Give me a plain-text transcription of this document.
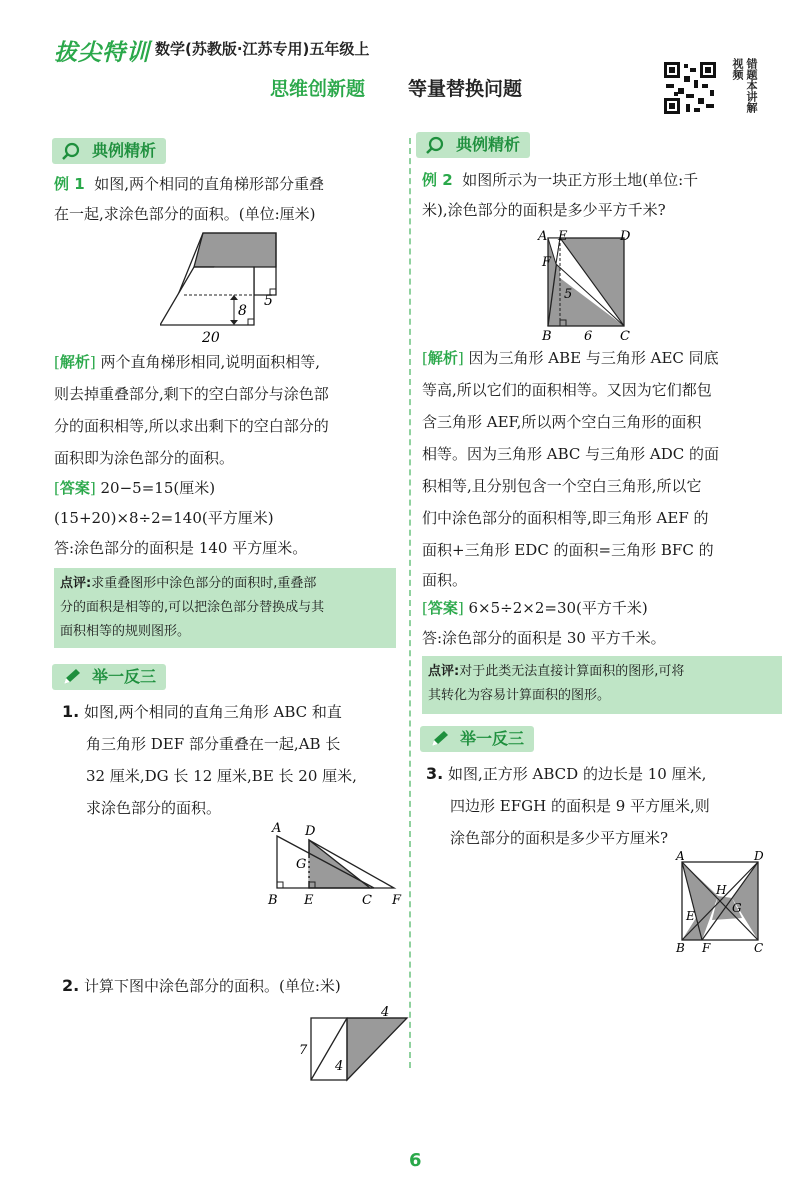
拔尖特训 数学(苏教版·江苏专用)五年级上
思维创新题 等量替换问题	错题本讲解视频
典例精析
例 1 如图,两个相同的直角梯形部分重叠
在一起,求涂色部分的面积。(单位:厘米)
8
5
20
[解析] 两个直角梯形相同,说明面积相等,
则去掉重叠部分,剩下的空白部分与涂色部
分的面积相等,所以求出剩下的空白部分的
面积即为涂色部分的面积。
[答案] 20−5=15(厘米)
(15+20)×8÷2=140(平方厘米)
答:涂色部分的面积是 140 平方厘米。
点评:求重叠图形中涂色部分的面积时,重叠部
分的面积是相等的,可以把涂色部分替换成与其
面积相等的规则图形。
举一反三
1. 如图,两个相同的直角三角形 ABC 和直
角三角形 DEF 部分重叠在一起,AB 长
32 厘米,DG 长 12 厘米,BE 长 20 厘米,
求涂色部分的面积。
A D
G
B E	C F
2. 计算下图中涂色部分的面积。(单位:米)
4
7
4
典例精析
例 2 如图所示为一块正方形土地(单位:千
米),涂色部分的面积是多少平方千米?
A E	D
F
5
B 6 C
[解析] 因为三角形 ABE 与三角形 AEC 同底
等高,所以它们的面积相等。又因为它们都包
含三角形 AEF,所以两个空白三角形的面积
相等。因为三角形 ABC 与三角形 ADC 的面
积相等,且分别包含一个空白三角形,所以它
们中涂色部分的面积相等,即三角形 AEF 的
面积+三角形 EDC 的面积=三角形 BFC 的
面积。
[答案] 6×5÷2×2=30(平方千米)
答:涂色部分的面积是 30 平方千米。
点评:对于此类无法直接计算面积的图形,可将
其转化为容易计算面积的图形。
举一反三
3. 如图,正方形 ABCD 的边长是 10 厘米,
四边形 EFGH 的面积是 9 平方厘米,则
涂色部分的面积是多少平方厘米?
A	D
H
E
G
B F	C
6
